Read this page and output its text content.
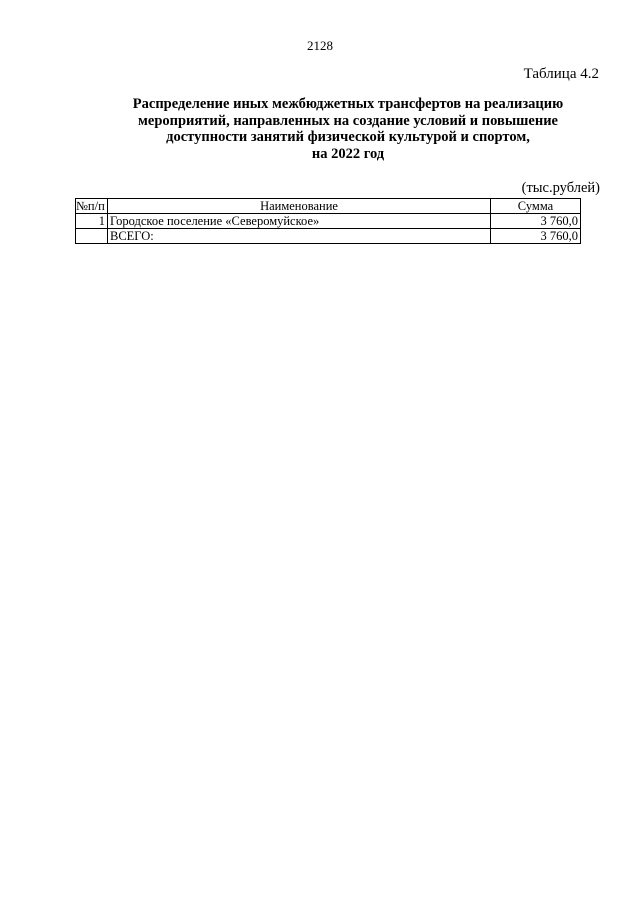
2128
Таблица 4.2
Распределение иных межбюджетных трансфертов на реализацию
мероприятий, направленных на создание условий и повышение
доступности занятий физической культурой и спортом,
на 2022 год
(тыс.рублей)
№п/п	Наименование	Сумма
1	Городское поселение «Северомуйское»	3 760,0
	ВСЕГО:	3 760,0
